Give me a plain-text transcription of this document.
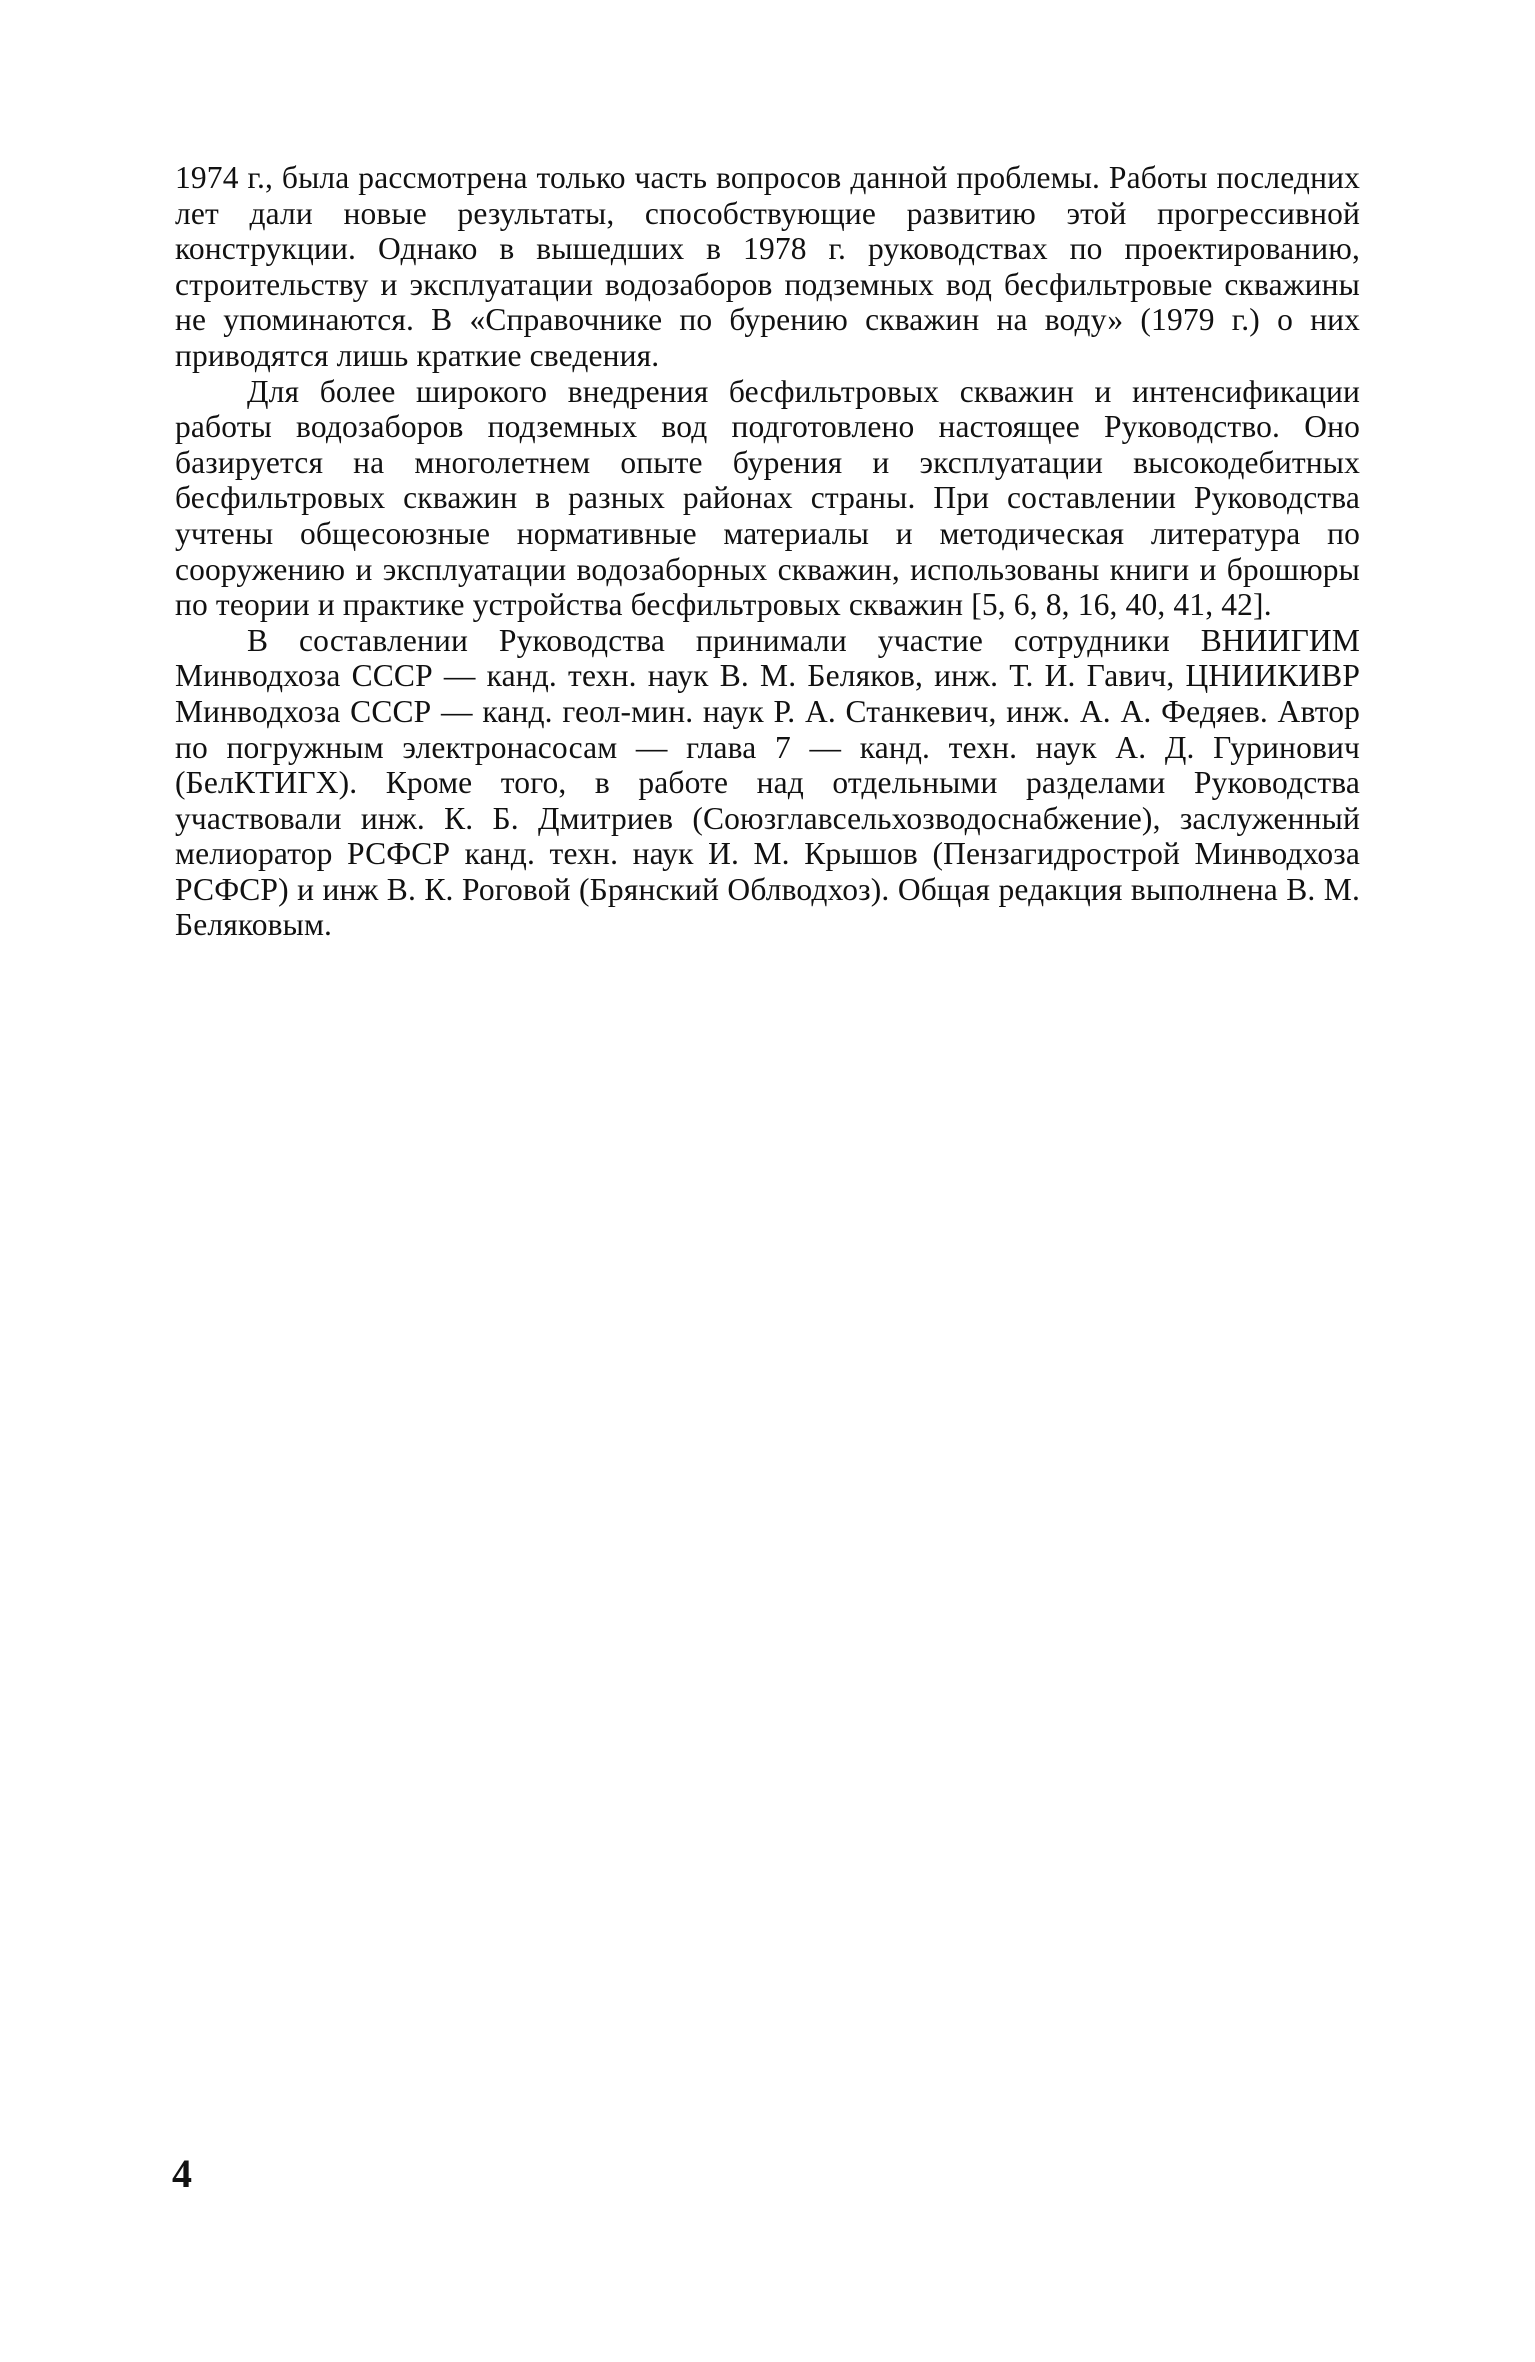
1974 г., была рассмотрена только часть вопросов данной проблемы. Работы последних лет дали новые результаты, способствующие развитию этой прогрессивной конструкции. Однако в вышедших в 1978 г. руководствах по проектированию, строительству и эксплуатации водозаборов подземных вод бесфильтровые скважины не упоминаются. В «Справочнике по бурению скважин на воду» (1979 г.) о них приводятся лишь краткие сведения.

Для более широкого внедрения бесфильтровых скважин и интенсификации работы водозаборов подземных вод подготовлено настоящее Руководство. Оно базируется на многолетнем опыте бурения и эксплуатации высокодебитных бесфильтровых скважин в разных районах страны. При составлении Руководства учтены общесоюзные нормативные материалы и методическая литература по сооружению и эксплуатации водозаборных скважин, использованы книги и брошюры по теории и практике устройства бесфильтровых скважин [5, 6, 8, 16, 40, 41, 42].

В составлении Руководства принимали участие сотрудники ВНИИГИМ Минводхоза СССР — канд. техн. наук В. М. Беляков, инж. Т. И. Гавич, ЦНИИКИВР Минводхоза СССР — канд. геол-мин. наук Р. А. Станкевич, инж. А. А. Федяев. Автор по погружным электронасосам — глава 7 — канд. техн. наук А. Д. Гуринович (БелКТИГХ). Кроме того, в работе над отдельными разделами Руководства участвовали инж. К. Б. Дмитриев (Союзглавсельхозводоснабжение), заслуженный мелиоратор РСФСР канд. техн. наук И. М. Крышов (Пензагидрострой Минводхоза РСФСР) и инж В. К. Роговой (Брянский Облводхоз). Общая редакция выполнена В. М. Беляковым.

4
